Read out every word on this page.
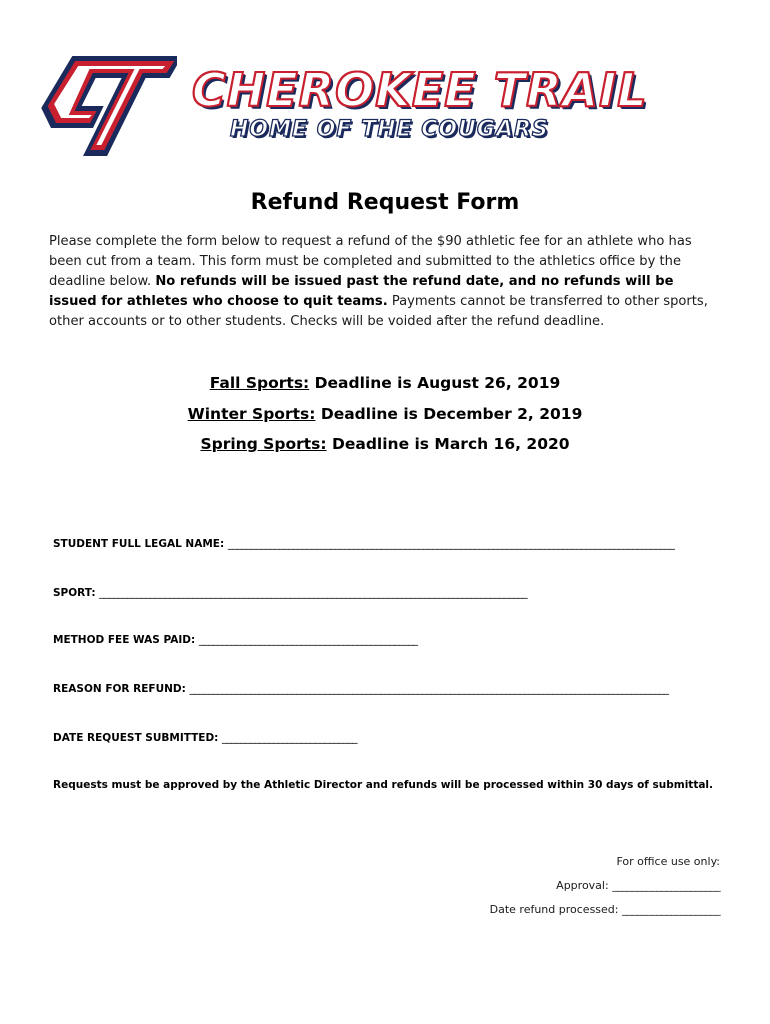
CHEROKEE TRAIL
HOME OF THE COUGARS
Refund Request Form
Please complete the form below to request a refund of the $90 athletic fee for an athlete who has been cut from a team. This form must be completed and submitted to the athletics office by the deadline below. No refunds will be issued past the refund date, and no refunds will be issued for athletes who choose to quit teams. Payments cannot be transferred to other sports, other accounts or to other students. Checks will be voided after the refund deadline.
Fall Sports: Deadline is August 26, 2019
Winter Sports: Deadline is December 2, 2019
Spring Sports: Deadline is March 16, 2020
STUDENT FULL LEGAL NAME: ________________________________________________________________________________________________
SPORT: ____________________________________________________________________________________________
METHOD FEE WAS PAID: _______________________________________________
REASON FOR REFUND: _______________________________________________________________________________________________________
DATE REQUEST SUBMITTED: _____________________________
Requests must be approved by the Athletic Director and refunds will be processed within 30 days of submittal.
For office use only:
Approval: ______________________
Date refund processed: ____________________
